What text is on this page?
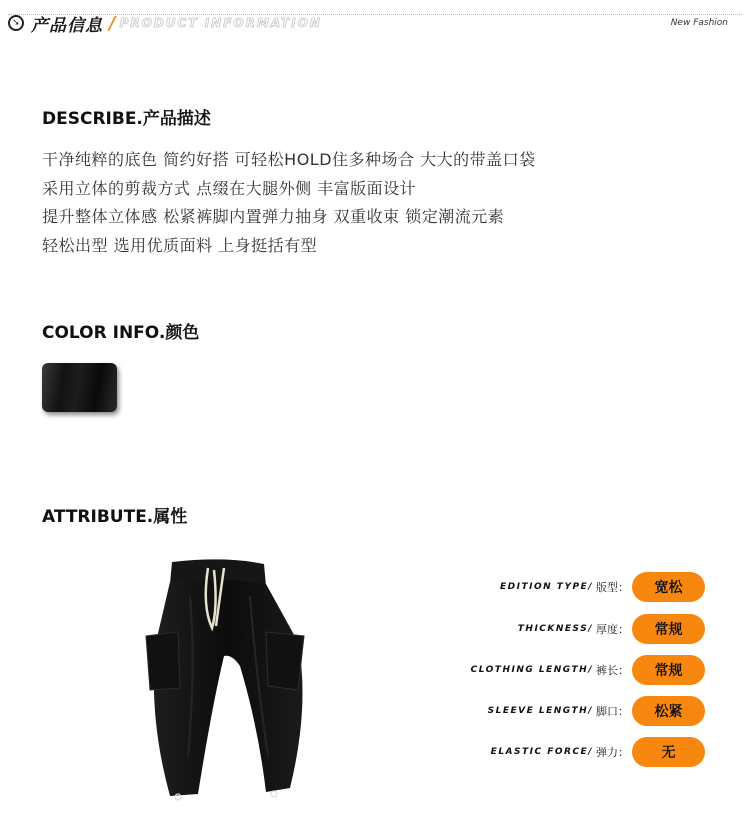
➘ 产品信息 / PRODUCT INFORMATION	New Fashion
DESCRIBE.产品描述
干净纯粹的底色 简约好搭 可轻松HOLD住多种场合 大大的带盖口袋
采用立体的剪裁方式 点缀在大腿外侧 丰富版面设计
提升整体立体感 松紧裤脚内置弹力抽身 双重收束 锁定潮流元素
轻松出型 选用优质面料 上身挺括有型
COLOR INFO.颜色
ATTRIBUTE.属性
EDITION TYPE/ 版型：	宽松
THICKNESS/ 厚度：	常规
CLOTHING LENGTH/ 裤长：	常规
SLEEVE LENGTH/ 脚口：	松紧
ELASTIC FORCE/ 弹力：	无
